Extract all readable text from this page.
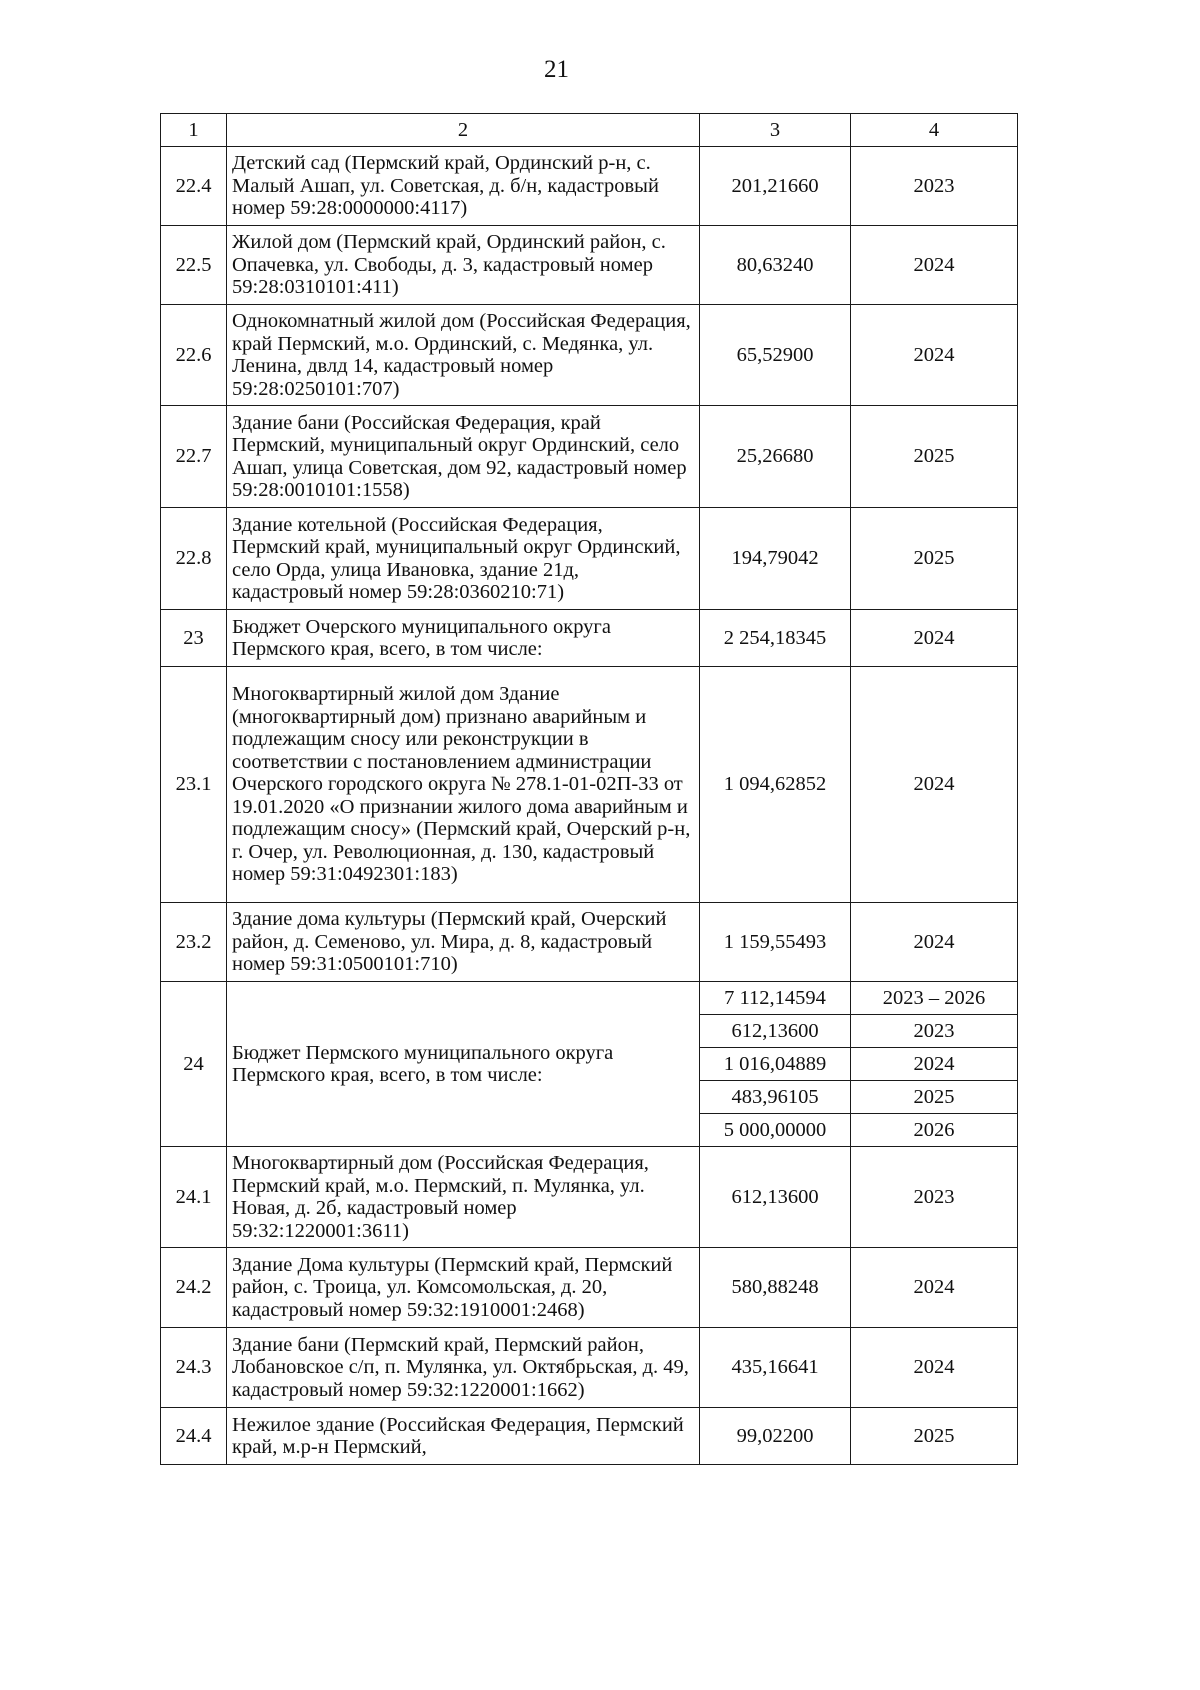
21
1	2	3	4
22.4	Детский сад (Пермский край, Ординский р-н, с. Малый Ашап, ул. Советская, д. б/н, кадастровый номер 59:28:0000000:4117)	201,21660	2023
22.5	Жилой дом (Пермский край, Ординский район, с. Опачевка, ул. Свободы, д. 3, кадастровый номер 59:28:0310101:411)	80,63240	2024
22.6	Однокомнатный жилой дом (Российская Федерация, край Пермский, м.о. Ординский, с. Медянка, ул. Ленина, двлд 14, кадастровый номер 59:28:0250101:707)	65,52900	2024
22.7	Здание бани (Российская Федерация, край Пермский, муниципальный округ Ординский, село Ашап, улица Советская, дом 92, кадастровый номер 59:28:0010101:1558)	25,26680	2025
22.8	Здание котельной (Российская Федерация, Пермский край, муниципальный округ Ординский, село Орда, улица Ивановка, здание 21д, кадастровый номер 59:28:0360210:71)	194,79042	2025
23	Бюджет Очерского муниципального округа Пермского края, всего, в том числе:	2 254,18345	2024
23.1	Многоквартирный жилой дом Здание (многоквартирный дом) признано аварийным и подлежащим сносу или реконструкции в соответствии с постановлением администрации Очерского городского округа № 278.1-01-02П-33 от 19.01.2020 «О признании жилого дома аварийным и подлежащим сносу» (Пермский край, Очерский р-н, г. Очер, ул. Революционная, д. 130, кадастровый номер 59:31:0492301:183)	1 094,62852	2024
23.2	Здание дома культуры (Пермский край, Очерский район, д. Семеново, ул. Мира, д. 8, кадастровый номер 59:31:0500101:710)	1 159,55493	2024
24	Бюджет Пермского муниципального округа Пермского края, всего, в том числе:	7 112,14594	2023 – 2026
		612,13600	2023
		1 016,04889	2024
		483,96105	2025
		5 000,00000	2026
24.1	Многоквартирный дом (Российская Федерация, Пермский край, м.о. Пермский, п. Мулянка, ул. Новая, д. 2б, кадастровый номер 59:32:1220001:3611)	612,13600	2023
24.2	Здание Дома культуры (Пермский край, Пермский район, с. Троица, ул. Комсомольская, д. 20, кадастровый номер 59:32:1910001:2468)	580,88248	2024
24.3	Здание бани (Пермский край, Пермский район, Лобановское с/п, п. Мулянка, ул. Октябрьская, д. 49, кадастровый номер 59:32:1220001:1662)	435,16641	2024
24.4	Нежилое здание (Российская Федерация, Пермский край, м.р-н Пермский,	99,02200	2025
